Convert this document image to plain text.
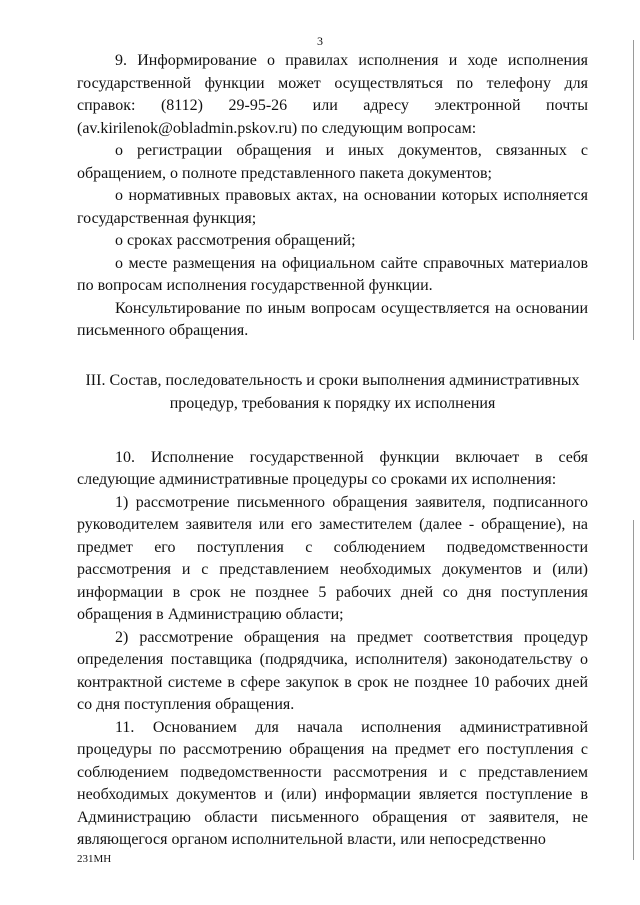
3

9. Информирование о правилах исполнения и ходе исполнения государственной функции может осуществляться по телефону для справок: (8112) 29-95-26 или адресу электронной почты (av.kirilenok@obladmin.pskov.ru) по следующим вопросам:

о регистрации обращения и иных документов, связанных с обращением, о полноте представленного пакета документов;

о нормативных правовых актах, на основании которых исполняется государственная функция;

о сроках рассмотрения обращений;

о месте размещения на официальном сайте справочных материалов по вопросам исполнения государственной функции.

Консультирование по иным вопросам осуществляется на основании письменного обращения.

III. Состав, последовательность и сроки выполнения административных процедур, требования к порядку их исполнения

10. Исполнение государственной функции включает в себя следующие административные процедуры со сроками их исполнения:

1) рассмотрение письменного обращения заявителя, подписанного руководителем заявителя или его заместителем (далее - обращение), на предмет его поступления с соблюдением подведомственности рассмотрения и с представлением необходимых документов и (или) информации в срок не позднее 5 рабочих дней со дня поступления обращения в Администрацию области;

2) рассмотрение обращения на предмет соответствия процедур определения поставщика (подрядчика, исполнителя) законодательству о контрактной системе в сфере закупок в срок не позднее 10 рабочих дней со дня поступления обращения.

11. Основанием для начала исполнения административной процедуры по рассмотрению обращения на предмет его поступления с соблюдением подведомственности рассмотрения и с представлением необходимых документов и (или) информации является поступление в Администрацию области письменного обращения от заявителя, не являющегося органом исполнительной власти, или непосредственно

231МН
